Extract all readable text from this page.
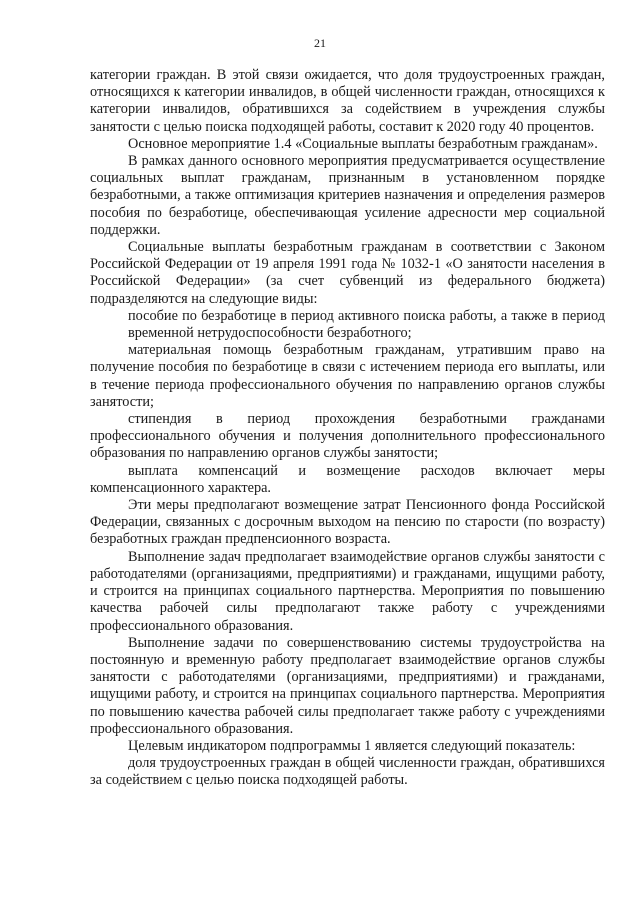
21

категории граждан. В этой связи ожидается, что доля трудоустроенных граждан, относящихся к категории инвалидов, в общей численности граждан, относящихся к категории инвалидов, обратившихся за содействием в учреждения службы занятости с целью поиска подходящей работы, составит к 2020 году 40 процентов.

Основное мероприятие 1.4 «Социальные выплаты безработным гражданам».

В рамках данного основного мероприятия предусматривается осуществление социальных выплат гражданам, признанным в установленном порядке безработными, а также оптимизация критериев назначения и определения размеров пособия по безработице, обеспечивающая усиление адресности мер социальной поддержки.

Социальные выплаты безработным гражданам в соответствии с Законом Российской Федерации от 19 апреля 1991 года № 1032-1 «О занятости населения в Российской Федерации» (за счет субвенций из федерального бюджета) подразделяются на следующие виды:

пособие по безработице в период активного поиска работы, а также в период временной нетрудоспособности безработного;

материальная помощь безработным гражданам, утратившим право на получение пособия по безработице в связи с истечением периода его выплаты, или в течение периода профессионального обучения по направлению органов службы занятости;

стипендия в период прохождения безработными гражданами профессионального обучения и получения дополнительного профессионального образования по направлению органов службы занятости;

выплата компенсаций и возмещение расходов включает меры компенсационного характера.

Эти меры предполагают возмещение затрат Пенсионного фонда Российской Федерации, связанных с досрочным выходом на пенсию по старости (по возрасту) безработных граждан предпенсионного возраста.

Выполнение задач предполагает взаимодействие органов службы занятости с работодателями (организациями, предприятиями) и гражданами, ищущими работу, и строится на принципах социального партнерства. Мероприятия по повышению качества рабочей силы предполагают также работу с учреждениями профессионального образования.

Выполнение задачи по совершенствованию системы трудоустройства на постоянную и временную работу предполагает взаимодействие органов службы занятости с работодателями (организациями, предприятиями) и гражданами, ищущими работу, и строится на принципах социального партнерства. Мероприятия по повышению качества рабочей силы предполагает также работу с учреждениями профессионального образования.

Целевым индикатором подпрограммы 1 является следующий показатель:

доля трудоустроенных граждан в общей численности граждан, обратившихся за содействием с целью поиска подходящей работы.
